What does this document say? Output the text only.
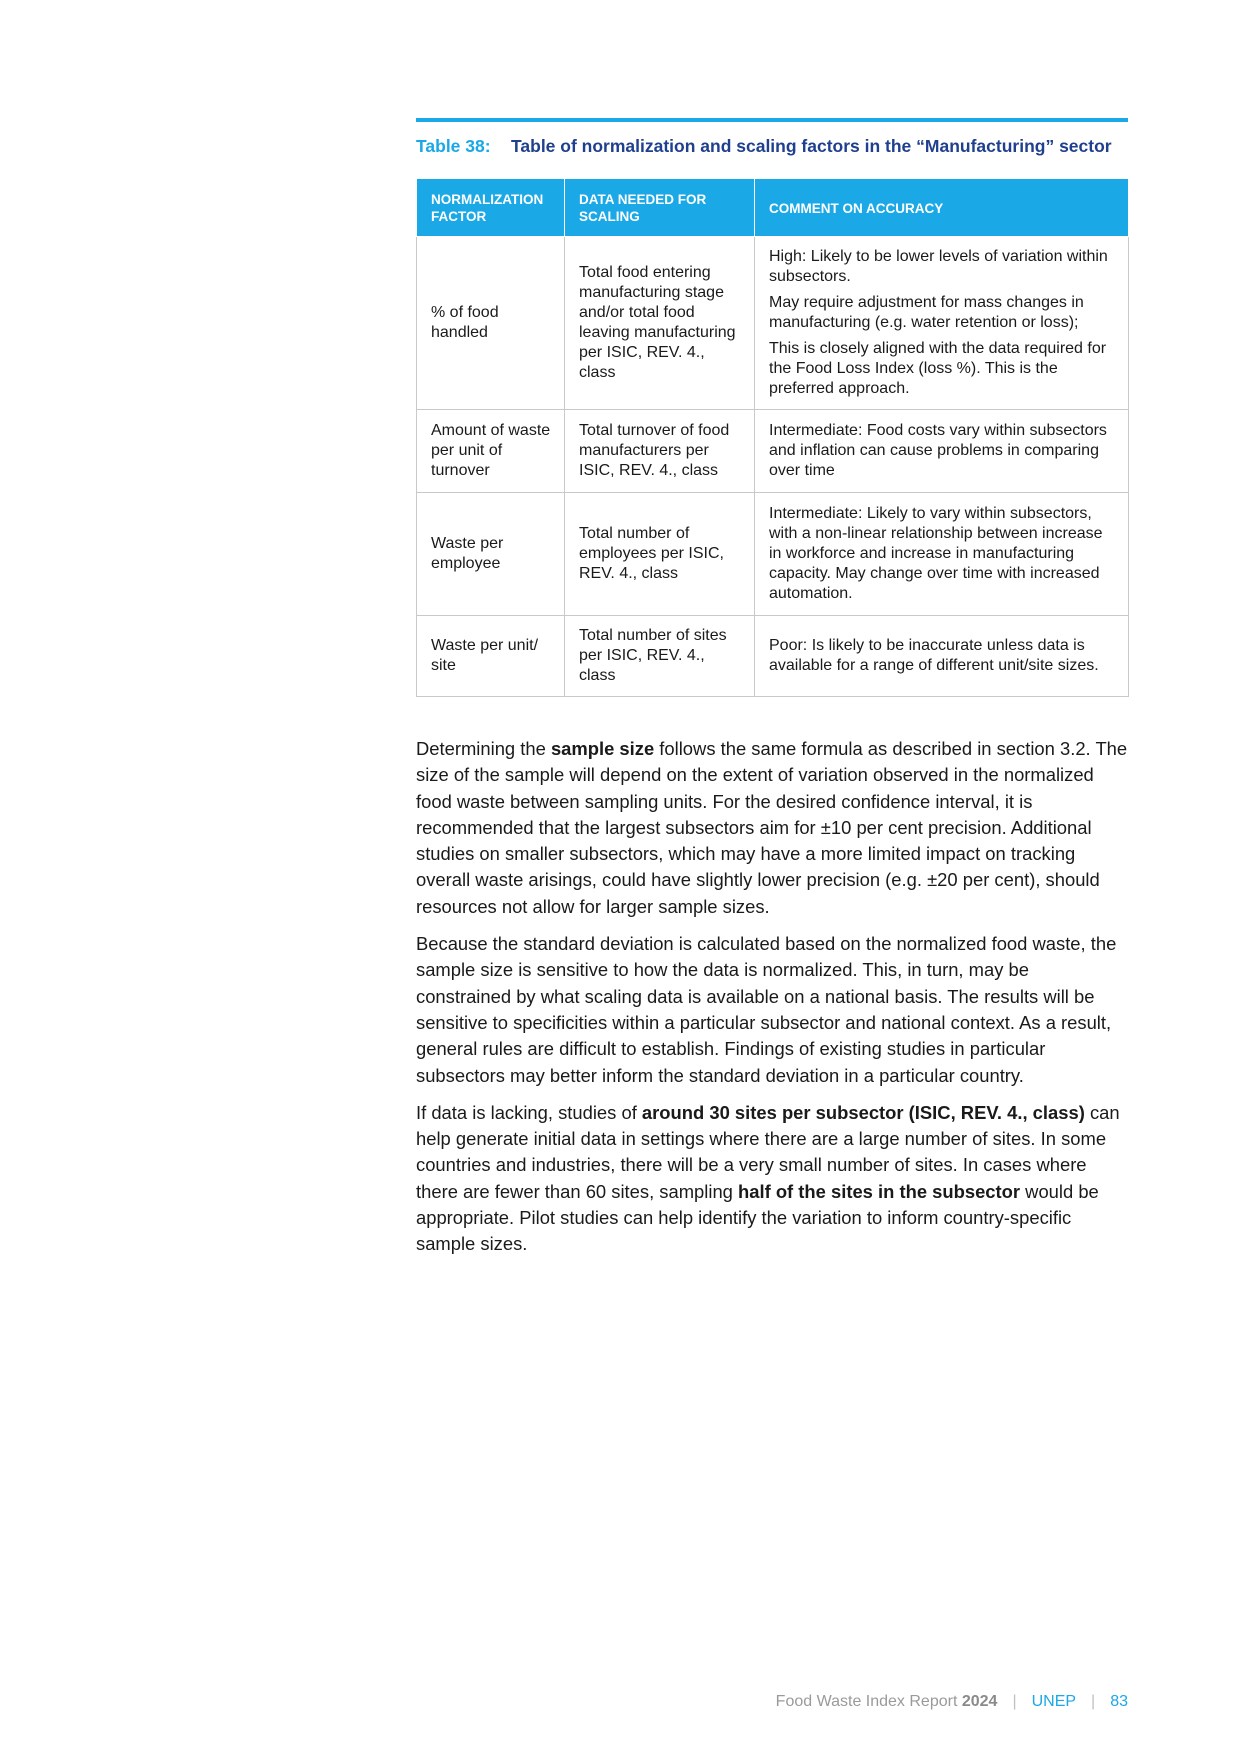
Table 38: Table of normalization and scaling factors in the “Manufacturing” sector
NORMALIZATION FACTOR	DATA NEEDED FOR SCALING	COMMENT ON ACCURACY
% of food handled	Total food entering manufacturing stage and/or total food leaving manufacturing per ISIC, REV. 4., class	High: Likely to be lower levels of variation within subsectors.

May require adjustment for mass changes in manufacturing (e.g. water retention or loss);

This is closely aligned with the data required for the Food Loss Index (loss %). This is the preferred approach.

Amount of waste per unit of turnover	Total turnover of food manufacturers per ISIC, REV. 4., class	Intermediate: Food costs vary within subsectors and inflation can cause problems in comparing over time

Waste per employee	Total number of employees per ISIC, REV. 4., class	Intermediate: Likely to vary within subsectors, with a non-linear relationship between increase in workforce and increase in manufacturing capacity. May change over time with increased automation.

Waste per unit/ site	Total number of sites per ISIC, REV. 4., class	Poor: Is likely to be inaccurate unless data is available for a range of different unit/site sizes.

Determining the sample size follows the same formula as described in section 3.2. The size of the sample will depend on the extent of variation observed in the normalized food waste between sampling units. For the desired confidence interval, it is recommended that the largest subsectors aim for ±10 per cent precision. Additional studies on smaller subsectors, which may have a more limited impact on tracking overall waste arisings, could have slightly lower precision (e.g. ±20 per cent), should resources not allow for larger sample sizes.

Because the standard deviation is calculated based on the normalized food waste, the sample size is sensitive to how the data is normalized. This, in turn, may be constrained by what scaling data is available on a national basis. The results will be sensitive to specificities within a particular subsector and national context. As a result, general rules are difficult to establish. Findings of existing studies in particular subsectors may better inform the standard deviation in a particular country.

If data is lacking, studies of around 30 sites per subsector (ISIC, REV. 4., class) can help generate initial data in settings where there are a large number of sites. In some countries and industries, there will be a very small number of sites. In cases where there are fewer than 60 sites, sampling half of the sites in the subsector would be appropriate. Pilot studies can help identify the variation to inform country-specific sample sizes.

Food Waste Index Report 2024 | UNEP | 83
